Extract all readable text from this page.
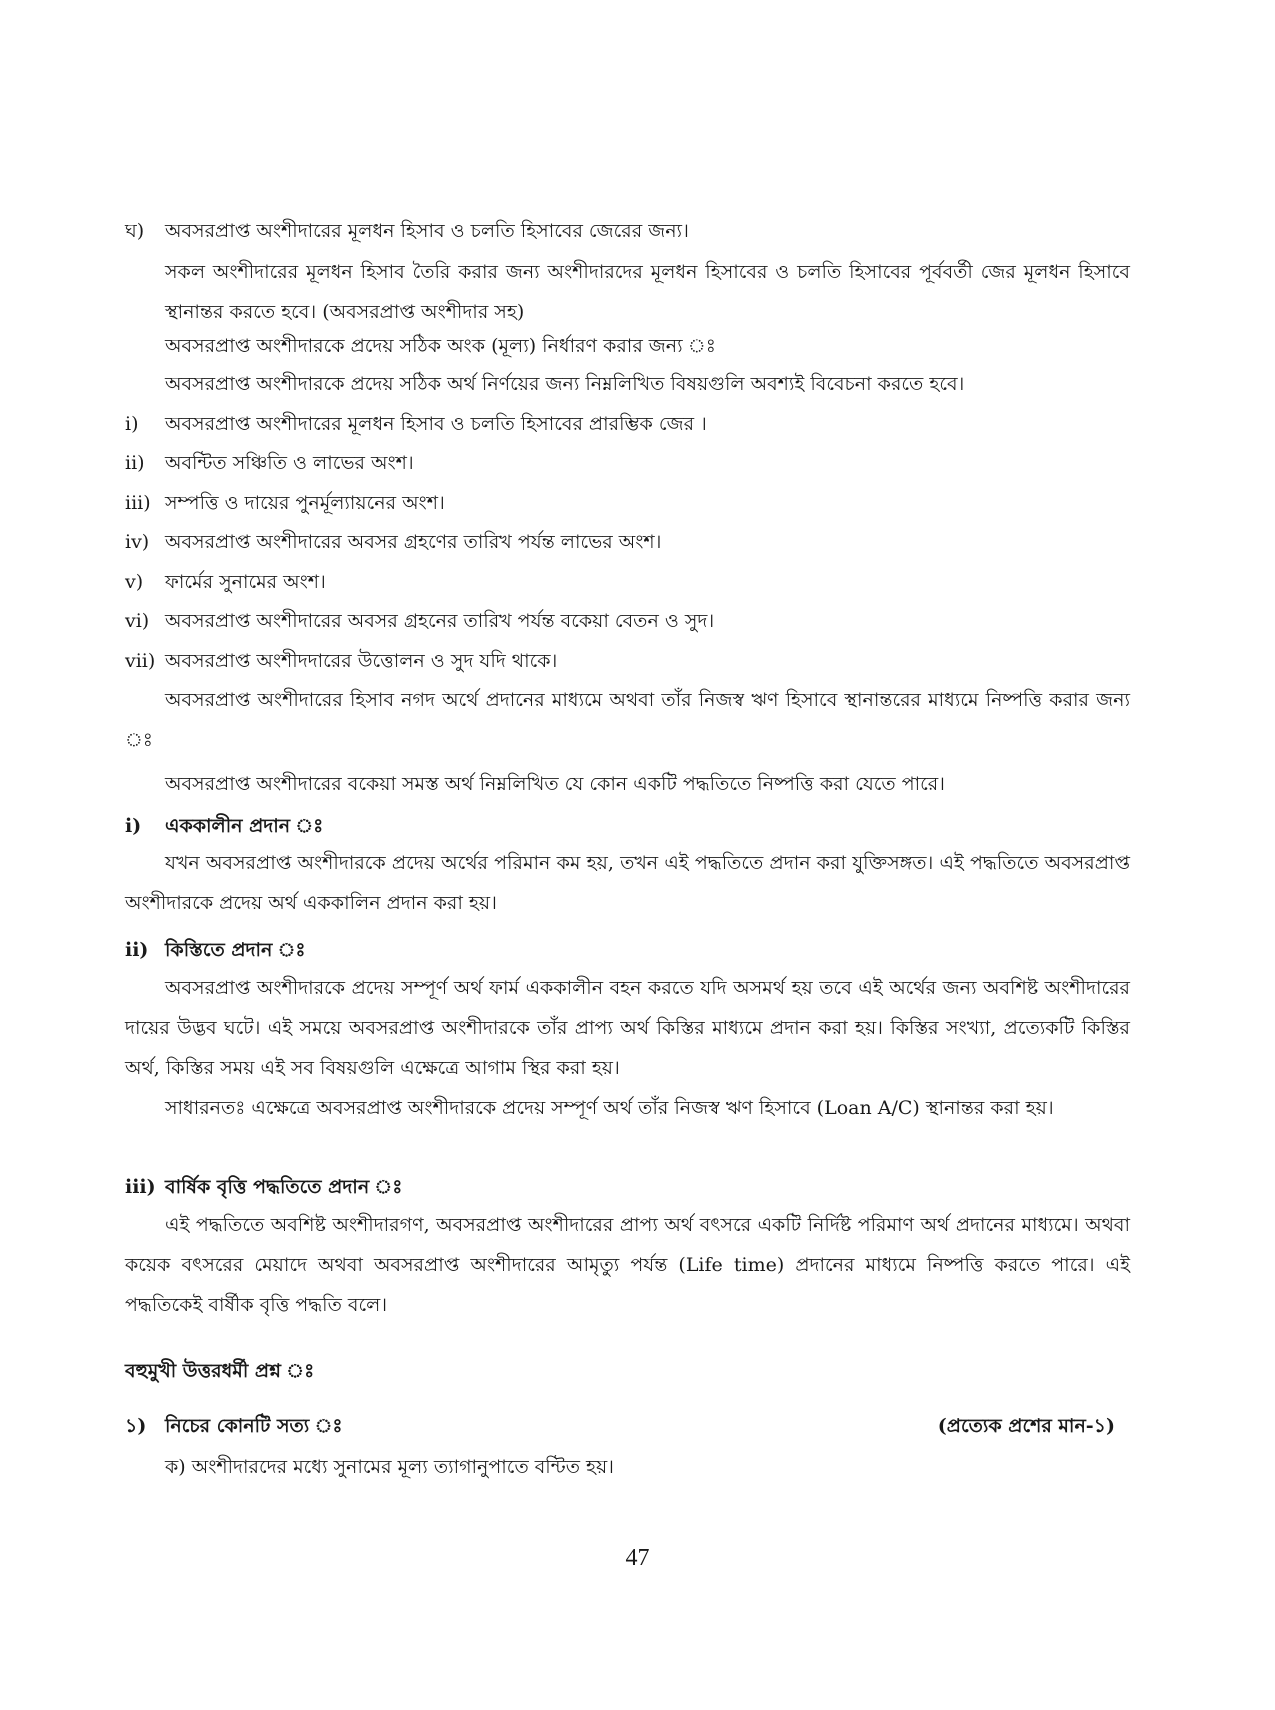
ঘ)	অবসরপ্রাপ্ত অংশীদারের মূলধন হিসাব ও চলতি হিসাবের জেরের জন্য।
সকল অংশীদারের মূলধন হিসাব তৈরি করার জন্য অংশীদারদের মূলধন হিসাবের ও চলতি হিসাবের পূর্ববর্তী জের মূলধন হিসাবে স্থানান্তর করতে হবে। (অবসরপ্রাপ্ত অংশীদার সহ)
অবসরপ্রাপ্ত অংশীদারকে প্রদেয় সঠিক অংক (মূল্য) নির্ধারণ করার জন্য ঃ
অবসরপ্রাপ্ত অংশীদারকে প্রদেয় সঠিক অর্থ নির্ণয়ের জন্য নিম্নলিখিত বিষয়গুলি অবশ্যই বিবেচনা করতে হবে।
i)	অবসরপ্রাপ্ত অংশীদারের মূলধন হিসাব ও চলতি হিসাবের প্রারম্ভিক জের ।
ii)	অবন্টিত সঞ্চিতি ও লাভের অংশ।
iii) সম্পত্তি ও দায়ের পুনর্মূল্যায়নের অংশ।
iv) অবসরপ্রাপ্ত অংশীদারের অবসর গ্রহণের তারিখ পর্যন্ত লাভের অংশ।
v)	ফার্মের সুনামের অংশ।
vi) অবসরপ্রাপ্ত অংশীদারের অবসর গ্রহনের তারিখ পর্যন্ত বকেয়া বেতন ও সুদ।
vii) অবসরপ্রাপ্ত অংশীদদারের উত্তোলন ও সুদ যদি থাকে।
অবসরপ্রাপ্ত অংশীদারের হিসাব নগদ অর্থে প্রদানের মাধ্যমে অথবা তাঁর নিজস্ব ঋণ হিসাবে স্থানান্তরের মাধ্যমে নিষ্পত্তি করার জন্য ঃ
অবসরপ্রাপ্ত অংশীদারের বকেয়া সমস্ত অর্থ নিম্নলিখিত যে কোন একটি পদ্ধতিতে নিষ্পত্তি করা যেতে পারে।
i)	এককালীন প্রদান ঃ
যখন অবসরপ্রাপ্ত অংশীদারকে প্রদেয় অর্থের পরিমান কম হয়, তখন এই পদ্ধতিতে প্রদান করা যুক্তিসঙ্গত। এই পদ্ধতিতে অবসরপ্রাপ্ত অংশীদারকে প্রদেয় অর্থ এককালিন প্রদান করা হয়।
ii) কিস্তিতে প্রদান ঃ
অবসরপ্রাপ্ত অংশীদারকে প্রদেয় সম্পূর্ণ অর্থ ফার্ম এককালীন বহন করতে যদি অসমর্থ হয় তবে এই অর্থের জন্য অবশিষ্ট অংশীদারের দায়ের উদ্ভব ঘটে। এই সময়ে অবসরপ্রাপ্ত অংশীদারকে তাঁর প্রাপ্য অর্থ কিস্তির মাধ্যমে প্রদান করা হয়। কিস্তির সংখ্যা, প্রত্যেকটি কিস্তির অর্থ, কিস্তির সময় এই সব বিষয়গুলি এক্ষেত্রে আগাম স্থির করা হয়।
সাধারনতঃ এক্ষেত্রে অবসরপ্রাপ্ত অংশীদারকে প্রদেয় সম্পূর্ণ অর্থ তাঁর নিজস্ব ঋণ হিসাবে (Loan A/C) স্থানান্তর করা হয়।
iii) বার্ষিক বৃত্তি পদ্ধতিতে প্রদান ঃ
এই পদ্ধতিতে অবশিষ্ট অংশীদারগণ, অবসরপ্রাপ্ত অংশীদারের প্রাপ্য অর্থ বৎসরে একটি নির্দিষ্ট পরিমাণ অর্থ প্রদানের মাধ্যমে। অথবা কয়েক বৎসরের মেয়াদে অথবা অবসরপ্রাপ্ত অংশীদারের আমৃত্যু পর্যন্ত (Life time) প্রদানের মাধ্যমে নিষ্পত্তি করতে পারে। এই পদ্ধতিকেই বার্ষীক বৃত্তি পদ্ধতি বলে।
বহুমুখী উত্তরধর্মী প্রশ্ন ঃ
১) নিচের কোনটি সত্য ঃ	(প্রত্যেক প্রশের মান-১)
ক) অংশীদারদের মধ্যে সুনামের মূল্য ত্যাগানুপাতে বন্টিত হয়।
47
